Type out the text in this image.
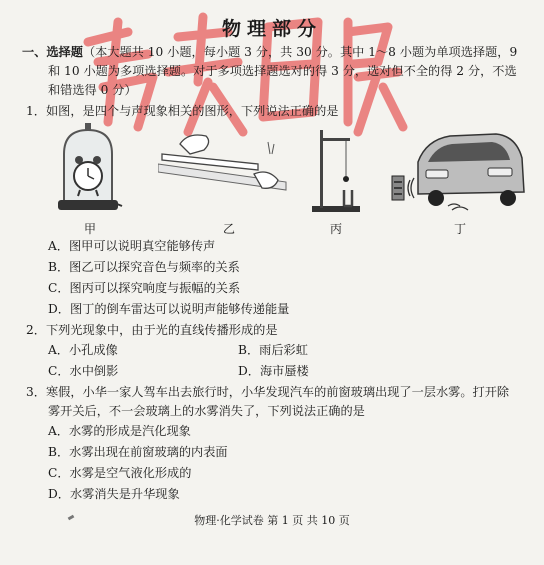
物理部分
一、选择题（本大题共 10 小题，每小题 3 分，共 30 分。其中 1～8 小题为单项选择题，9
和 10 小题为多项选择题。对于多项选择题选对的得 3 分，选对但不全的得 2 分，不选
和错选得 0 分）
1．如图，是四个与声现象相关的图形，下列说法正确的是
甲	乙	丙	丁
A．图甲可以说明真空能够传声
B．图乙可以探究音色与频率的关系
C．图丙可以探究响度与振幅的关系
D．图丁的倒车雷达可以说明声能够传递能量
2．下列光现象中，由于光的直线传播形成的是
A．小孔成像	B．雨后彩虹
C．水中倒影	D．海市蜃楼
3．寒假，小华一家人驾车出去旅行时，小华发现汽车的前窗玻璃出现了一层水雾。打开除
雾开关后，不一会玻璃上的水雾消失了，下列说法正确的是
A．水雾的形成是汽化现象
B．水雾出现在前窗玻璃的内表面
C．水雾是空气液化形成的
D．水雾消失是升华现象
物理·化学试卷 第 1 页 共 10 页
